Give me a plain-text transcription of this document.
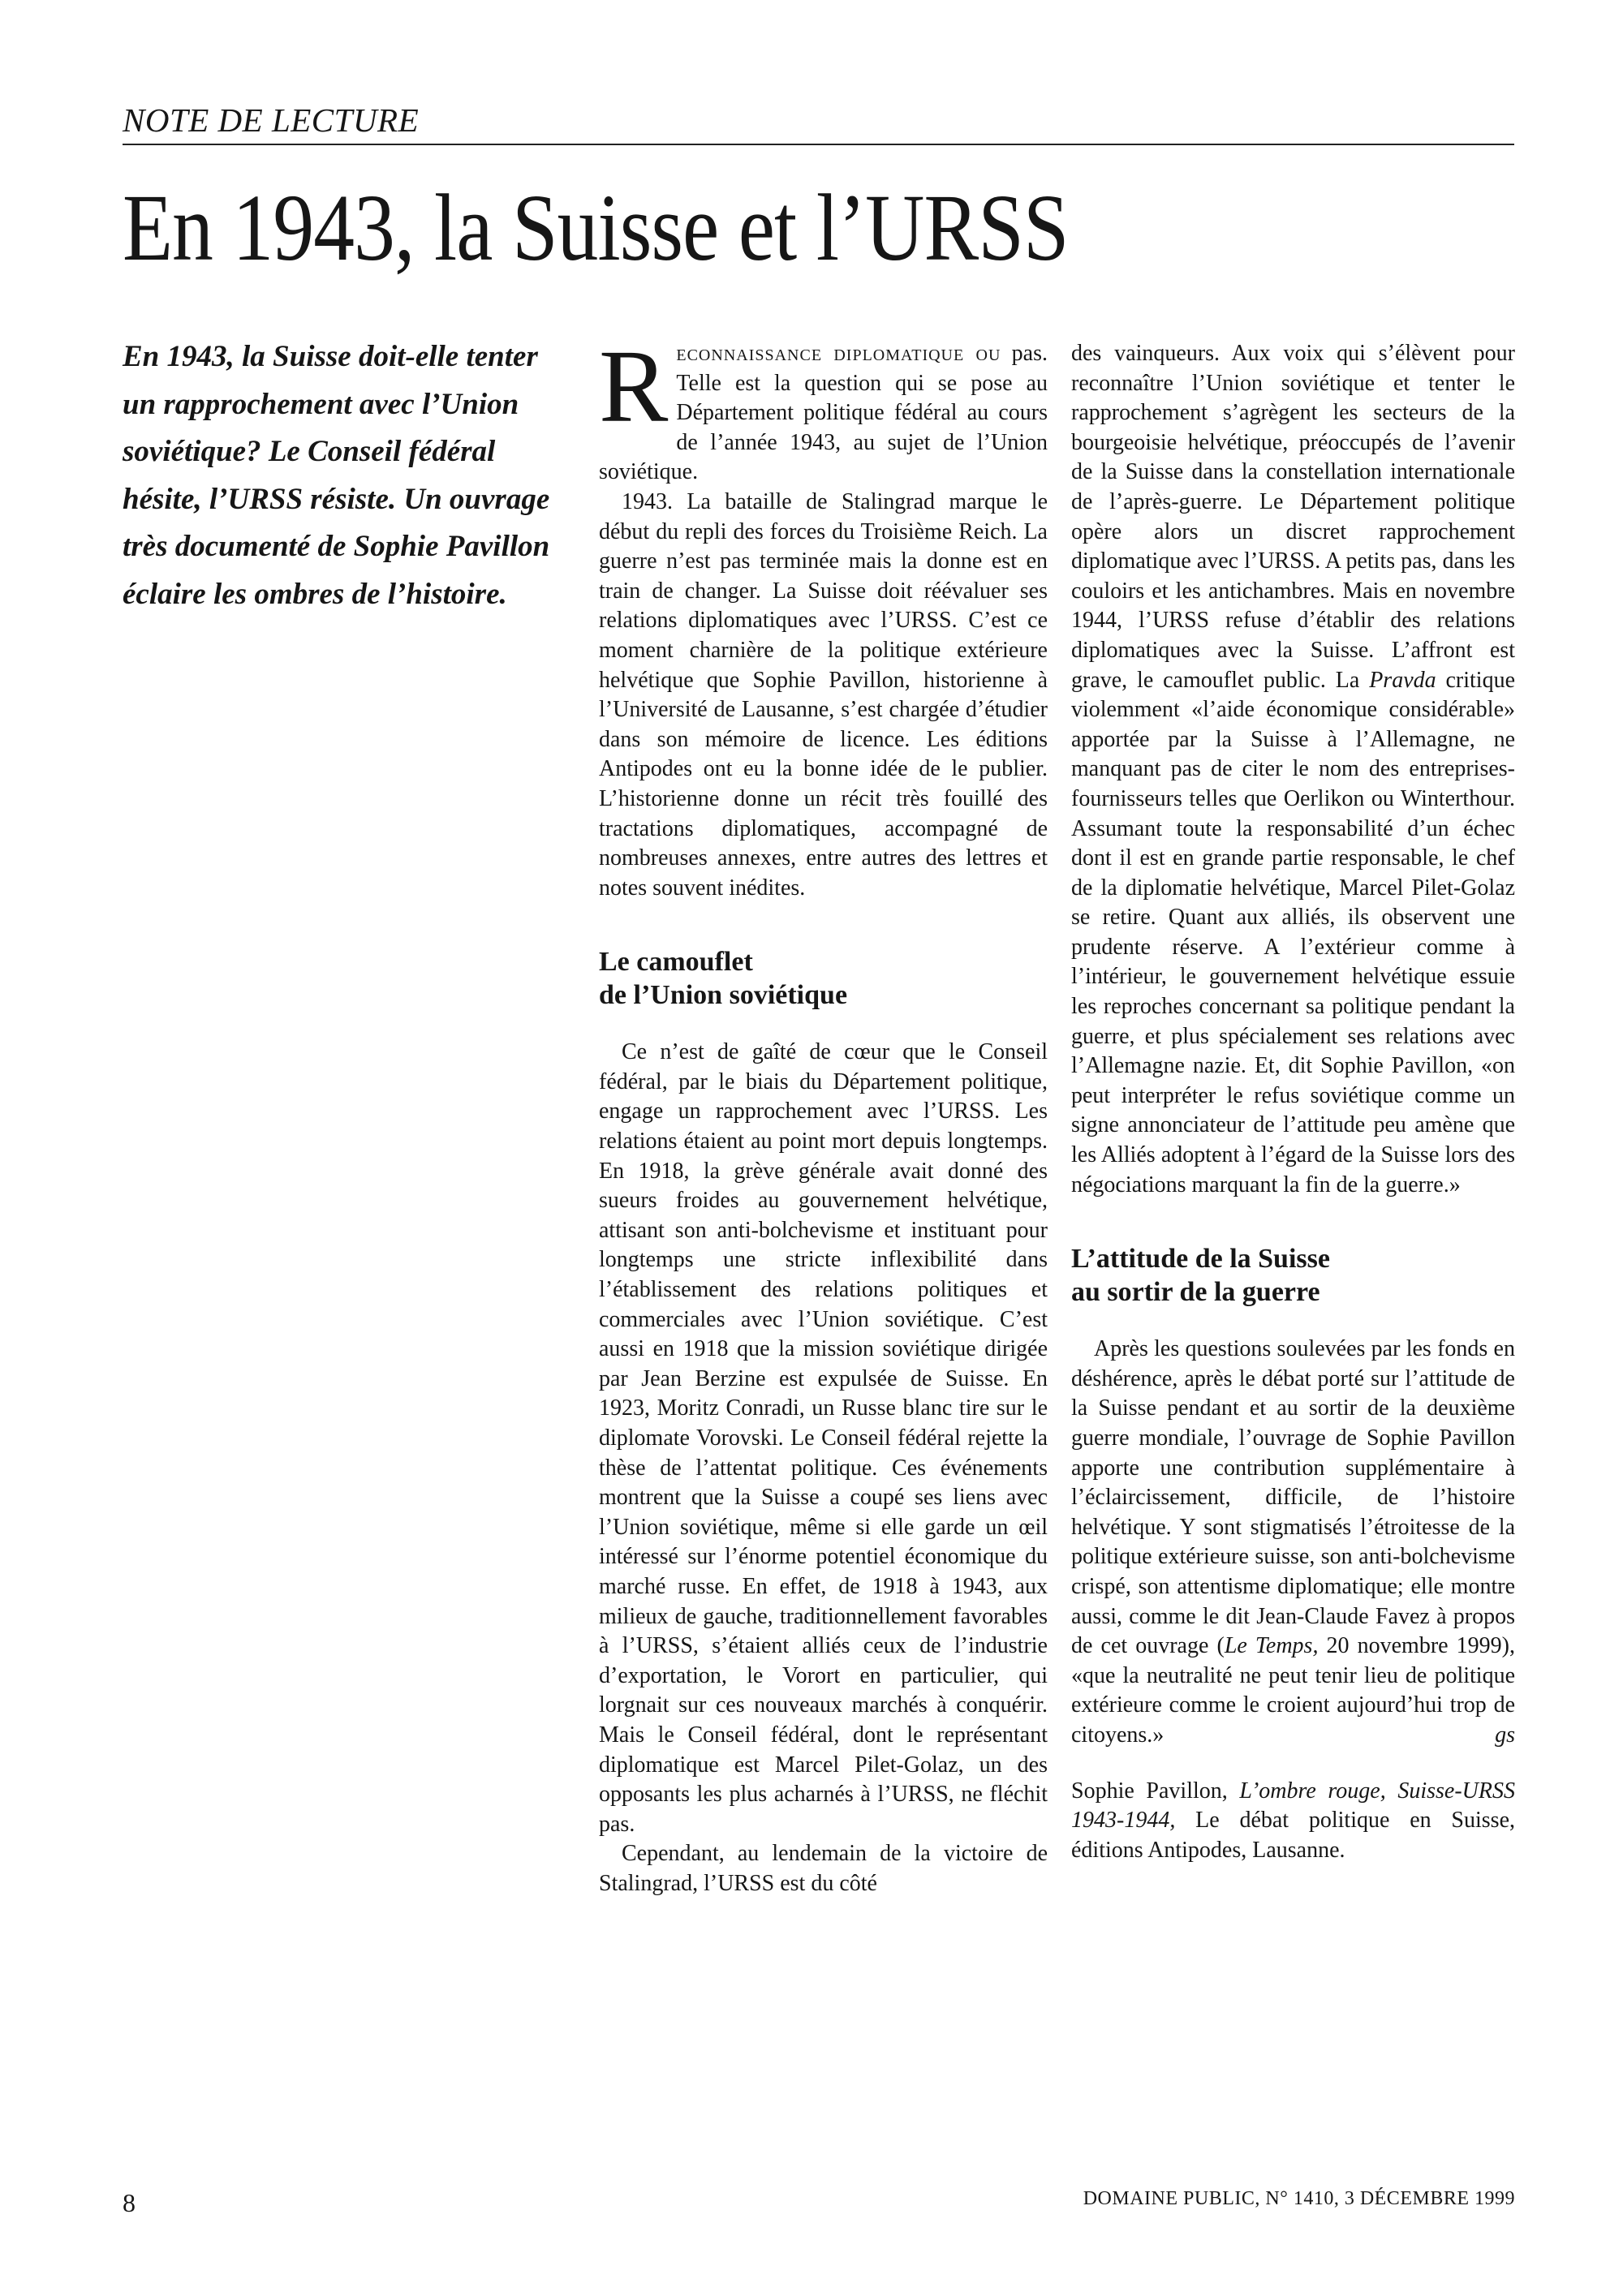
NOTE DE LECTURE
En 1943, la Suisse et l’URSS

En 1943, la Suisse doit-elle tenter un rapprochement avec l’Union soviétique? Le Conseil fédéral hésite, l’URSS résiste. Un ouvrage très documenté de Sophie Pavillon éclaire les ombres de l’histoire.

Reconnaissance diplomatique ou pas. Telle est la question qui se pose au Département politique fédéral au cours de l’année 1943, au sujet de l’Union soviétique.

1943. La bataille de Stalingrad marque le début du repli des forces du Troisième Reich. La guerre n’est pas terminée mais la donne est en train de changer. La Suisse doit réévaluer ses relations diplomatiques avec l’URSS. C’est ce moment charnière de la politique extérieure helvétique que Sophie Pavillon, historienne à l’Université de Lausanne, s’est chargée d’étudier dans son mémoire de licence. Les éditions Antipodes ont eu la bonne idée de le publier. L’historienne donne un récit très fouillé des tractations diplomatiques, accompagné de nombreuses annexes, entre autres des lettres et notes souvent inédites.

Le camouflet
de l’Union soviétique

Ce n’est de gaîté de cœur que le Conseil fédéral, par le biais du Département politique, engage un rapprochement avec l’URSS. Les relations étaient au point mort depuis longtemps. En 1918, la grève générale avait donné des sueurs froides au gouvernement helvétique, attisant son anti-bolchevisme et instituant pour longtemps une stricte inflexibilité dans l’établissement des relations politiques et commerciales avec l’Union soviétique. C’est aussi en 1918 que la mission soviétique dirigée par Jean Berzine est expulsée de Suisse. En 1923, Moritz Conradi, un Russe blanc tire sur le diplomate Vorovski. Le Conseil fédéral rejette la thèse de l’attentat politique. Ces événements montrent que la Suisse a coupé ses liens avec l’Union soviétique, même si elle garde un œil intéressé sur l’énorme potentiel économique du marché russe. En effet, de 1918 à 1943, aux milieux de gauche, traditionnellement favorables à l’URSS, s’étaient alliés ceux de l’industrie d’exportation, le Vorort en particulier, qui lorgnait sur ces nouveaux marchés à conquérir. Mais le Conseil fédéral, dont le représentant diplomatique est Marcel Pilet-Golaz, un des opposants les plus acharnés à l’URSS, ne fléchit pas.

Cependant, au lendemain de la victoire de Stalingrad, l’URSS est du côté

des vainqueurs. Aux voix qui s’élèvent pour reconnaître l’Union soviétique et tenter le rapprochement s’agrègent les secteurs de la bourgeoisie helvétique, préoccupés de l’avenir de la Suisse dans la constellation internationale de l’après-guerre. Le Département politique opère alors un discret rapprochement diplomatique avec l’URSS. A petits pas, dans les couloirs et les antichambres. Mais en novembre 1944, l’URSS refuse d’établir des relations diplomatiques avec la Suisse. L’affront est grave, le camouflet public. La Pravda critique violemment «l’aide économique considérable» apportée par la Suisse à l’Allemagne, ne manquant pas de citer le nom des entreprises-fournisseurs telles que Oerlikon ou Winterthour. Assumant toute la responsabilité d’un échec dont il est en grande partie responsable, le chef de la diplomatie helvétique, Marcel Pilet-Golaz se retire. Quant aux alliés, ils observent une prudente réserve. A l’extérieur comme à l’intérieur, le gouvernement helvétique essuie les reproches concernant sa politique pendant la guerre, et plus spécialement ses relations avec l’Allemagne nazie. Et, dit Sophie Pavillon, «on peut interpréter le refus soviétique comme un signe annonciateur de l’attitude peu amène que les Alliés adoptent à l’égard de la Suisse lors des négociations marquant la fin de la guerre.»

L’attitude de la Suisse
au sortir de la guerre

Après les questions soulevées par les fonds en déshérence, après le débat porté sur l’attitude de la Suisse pendant et au sortir de la deuxième guerre mondiale, l’ouvrage de Sophie Pavillon apporte une contribution supplémentaire à l’éclaircissement, difficile, de l’histoire helvétique. Y sont stigmatisés l’étroitesse de la politique extérieure suisse, son anti-bolchevisme crispé, son attentisme diplomatique; elle montre aussi, comme le dit Jean-Claude Favez à propos de cet ouvrage (Le Temps, 20 novembre 1999), «que la neutralité ne peut tenir lieu de politique extérieure comme le croient aujourd’hui trop de citoyens.»	gs

Sophie Pavillon, L’ombre rouge, Suisse-URSS 1943-1944, Le débat politique en Suisse, éditions Antipodes, Lausanne.

8	DOMAINE PUBLIC, N° 1410, 3 DÉCEMBRE 1999
